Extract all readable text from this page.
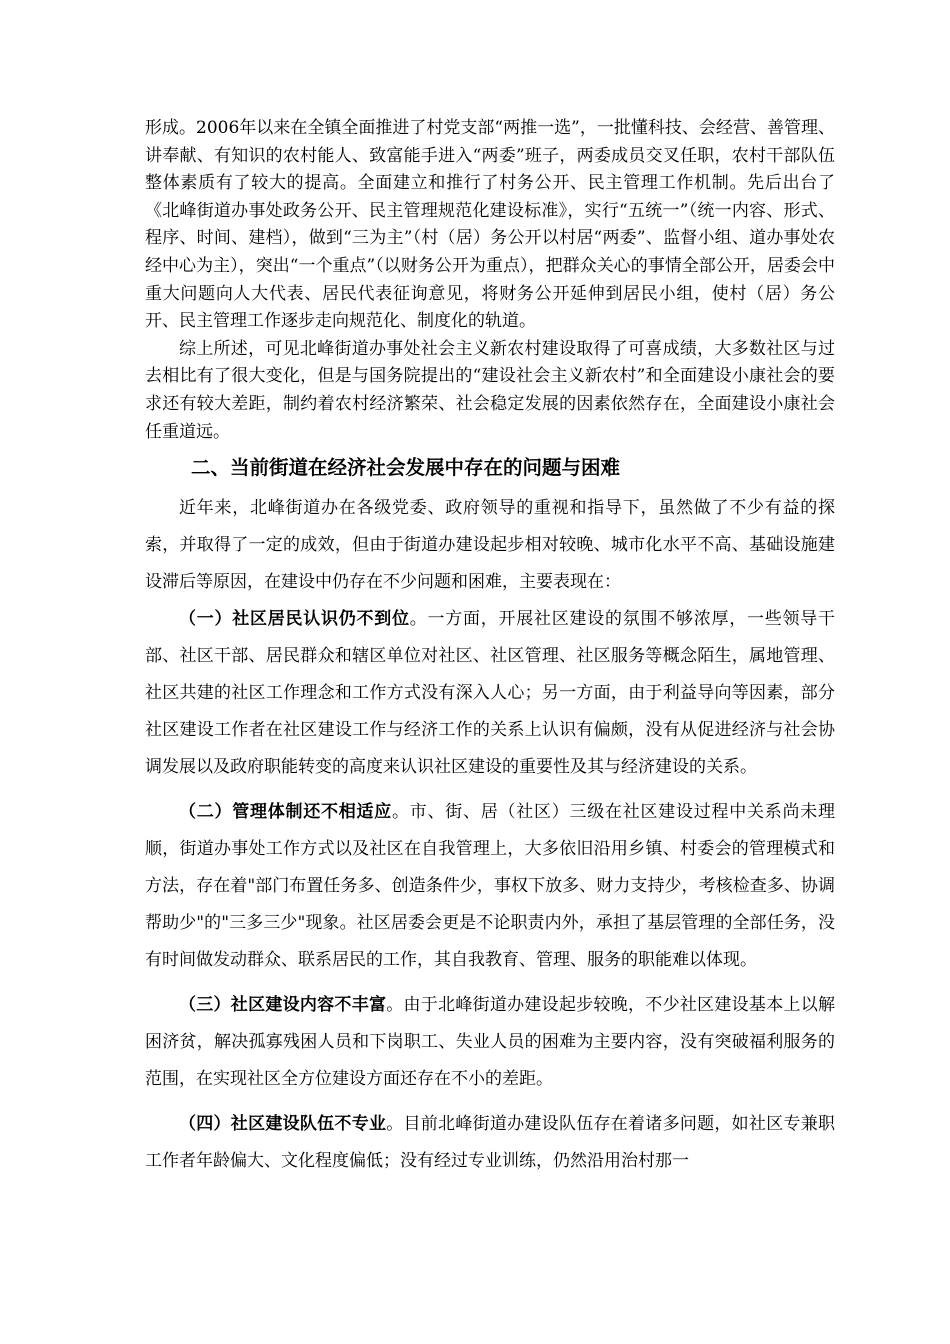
形成。2006年以来在全镇全面推进了村党支部“两推一选”，一批懂科技、会经营、善管理、讲奉献、有知识的农村能人、致富能手进入“两委”班子，两委成员交叉任职，农村干部队伍整体素质有了较大的提高。全面建立和推行了村务公开、民主管理工作机制。先后出台了《北峰街道办事处政务公开、民主管理规范化建设标准》，实行“五统一”（统一内容、形式、程序、时间、建档），做到“三为主”（村（居）务公开以村居“两委”、监督小组、道办事处农经中心为主），突出“一个重点”（以财务公开为重点），把群众关心的事情全部公开，居委会中重大问题向人大代表、居民代表征询意见，将财务公开延伸到居民小组，使村（居）务公开、民主管理工作逐步走向规范化、制度化的轨道。

综上所述，可见北峰街道办事处社会主义新农村建设取得了可喜成绩，大多数社区与过去相比有了很大变化，但是与国务院提出的“建设社会主义新农村”和全面建设小康社会的要求还有较大差距，制约着农村经济繁荣、社会稳定发展的因素依然存在，全面建设小康社会任重道远。

二、当前街道在经济社会发展中存在的问题与困难

近年来，北峰街道办在各级党委、政府领导的重视和指导下，虽然做了不少有益的探索，并取得了一定的成效，但由于街道办建设起步相对较晚、城市化水平不高、基础设施建设滞后等原因，在建设中仍存在不少问题和困难，主要表现在：

（一）社区居民认识仍不到位。一方面，开展社区建设的氛围不够浓厚，一些领导干部、社区干部、居民群众和辖区单位对社区、社区管理、社区服务等概念陌生，属地管理、社区共建的社区工作理念和工作方式没有深入人心；另一方面，由于利益导向等因素，部分社区建设工作者在社区建设工作与经济工作的关系上认识有偏颇，没有从促进经济与社会协调发展以及政府职能转变的高度来认识社区建设的重要性及其与经济建设的关系。

（二）管理体制还不相适应。市、街、居（社区）三级在社区建设过程中关系尚未理顺，街道办事处工作方式以及社区在自我管理上，大多依旧沿用乡镇、村委会的管理模式和方法，存在着"部门布置任务多、创造条件少，事权下放多、财力支持少，考核检查多、协调帮助少"的"三多三少"现象。社区居委会更是不论职责内外，承担了基层管理的全部任务，没有时间做发动群众、联系居民的工作，其自我教育、管理、服务的职能难以体现。

（三）社区建设内容不丰富。由于北峰街道办建设起步较晚，不少社区建设基本上以解困济贫，解决孤寡残困人员和下岗职工、失业人员的困难为主要内容，没有突破福利服务的范围，在实现社区全方位建设方面还存在不小的差距。

（四）社区建设队伍不专业。目前北峰街道办建设队伍存在着诸多问题，如社区专兼职工作者年龄偏大、文化程度偏低；没有经过专业训练，仍然沿用治村那一
